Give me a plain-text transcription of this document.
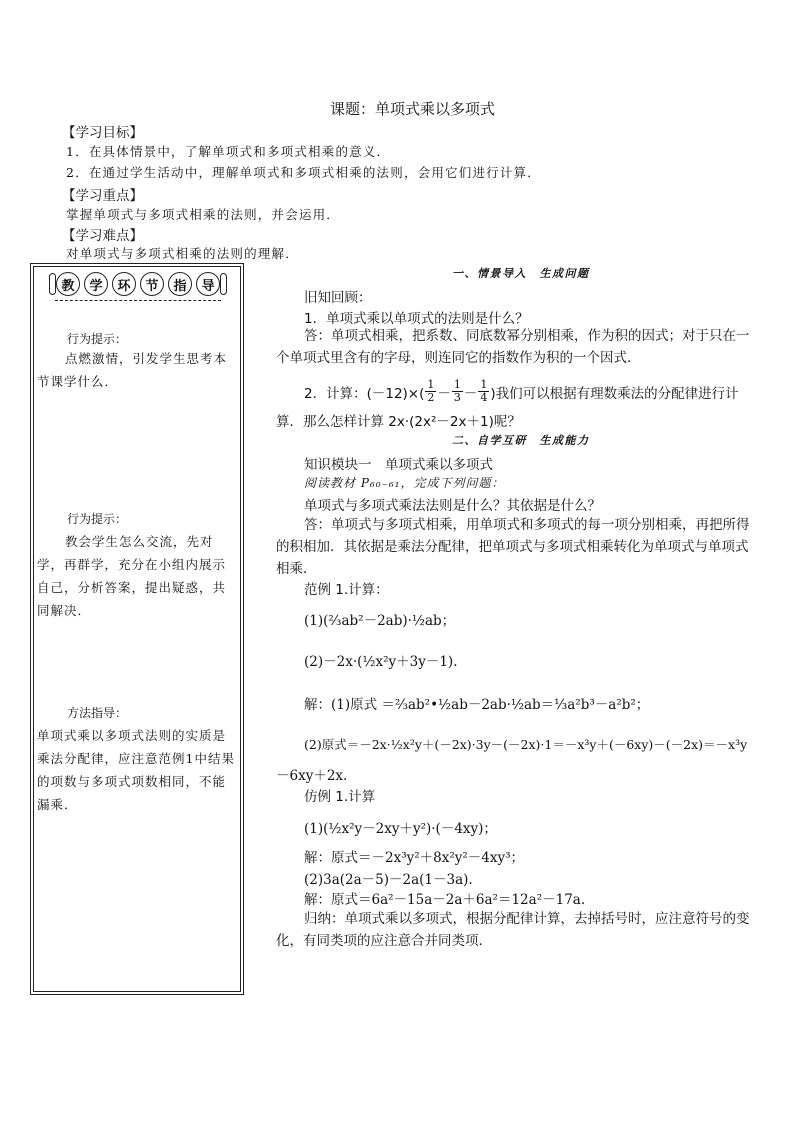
课题：单项式乘以多项式
【学习目标】
1．在具体情景中，了解单项式和多项式相乘的意义．
2．在通过学生活动中，理解单项式和多项式相乘的法则，会用它们进行计算．
【学习重点】
掌握单项式与多项式相乘的法则，并会运用．
【学习难点】
对单项式与多项式相乘的法则的理解．
教	学	环	节	指	导
行为提示：
点燃激情，引发学生思考本节课学什么．
行为提示：
教会学生怎么交流，先对学，再群学，充分在小组内展示自己，分析答案，提出疑惑，共同解决．
方法指导：
单项式乘以多项式法则的实质是乘法分配律，应注意范例1中结果的项数与多项式项数相同，不能漏乘．
一、情景导入　生成问题
旧知回顾：
1．单项式乘以单项式的法则是什么？
答：单项式相乘，把系数、同底数幂分别相乘，作为积的因式；对于只在一个单项式里含有的字母，则连同它的指数作为积的一个因式．
2．计算：$(-12)\times( \frac{1}{2} - \frac{1}{3} - \frac{1}{4}$ )我们可以根据有理数乘法的分配律进行计
算．那么怎样计算 2x·(2x²－2x＋1)呢？
二、自学互研　生成能力
知识模块一　单项式乘以多项式
阅读教材 P₆₀₋₆₁，完成下列问题：
单项式与多项式乘法法则是什么？其依据是什么？
答：单项式与多项式相乘，用单项式和多项式的每一项分别相乘，再把所得的积相加．其依据是乘法分配律，把单项式与多项式相乘转化为单项式与单项式相乘．
范例 1.计算：
(1)(²⁄₃ab²－2ab)·½ab；
(2)－2x·(½x²y＋3y－1).
解：(1)原式 ＝²⁄₃ab²•½ab－2ab·½ab＝⅓a²b³－a²b²；
(2)原式＝－2x·½x²y＋(－2x)·3y－(－2x)·1＝－x³y＋(－6xy)－(－2x)＝－x³y
－6xy＋2x.
仿例 1.计算
(1)(½x²y－2xy＋y²)·(－4xy)；
解：原式＝－2x³y²＋8x²y²－4xy³；
(2)3a(2a－5)－2a(1－3a).
解：原式＝6a²－15a－2a＋6a²＝12a²－17a.
归纳：单项式乘以多项式，根据分配律计算，去掉括号时，应注意符号的变化，有同类项的应注意合并同类项．
